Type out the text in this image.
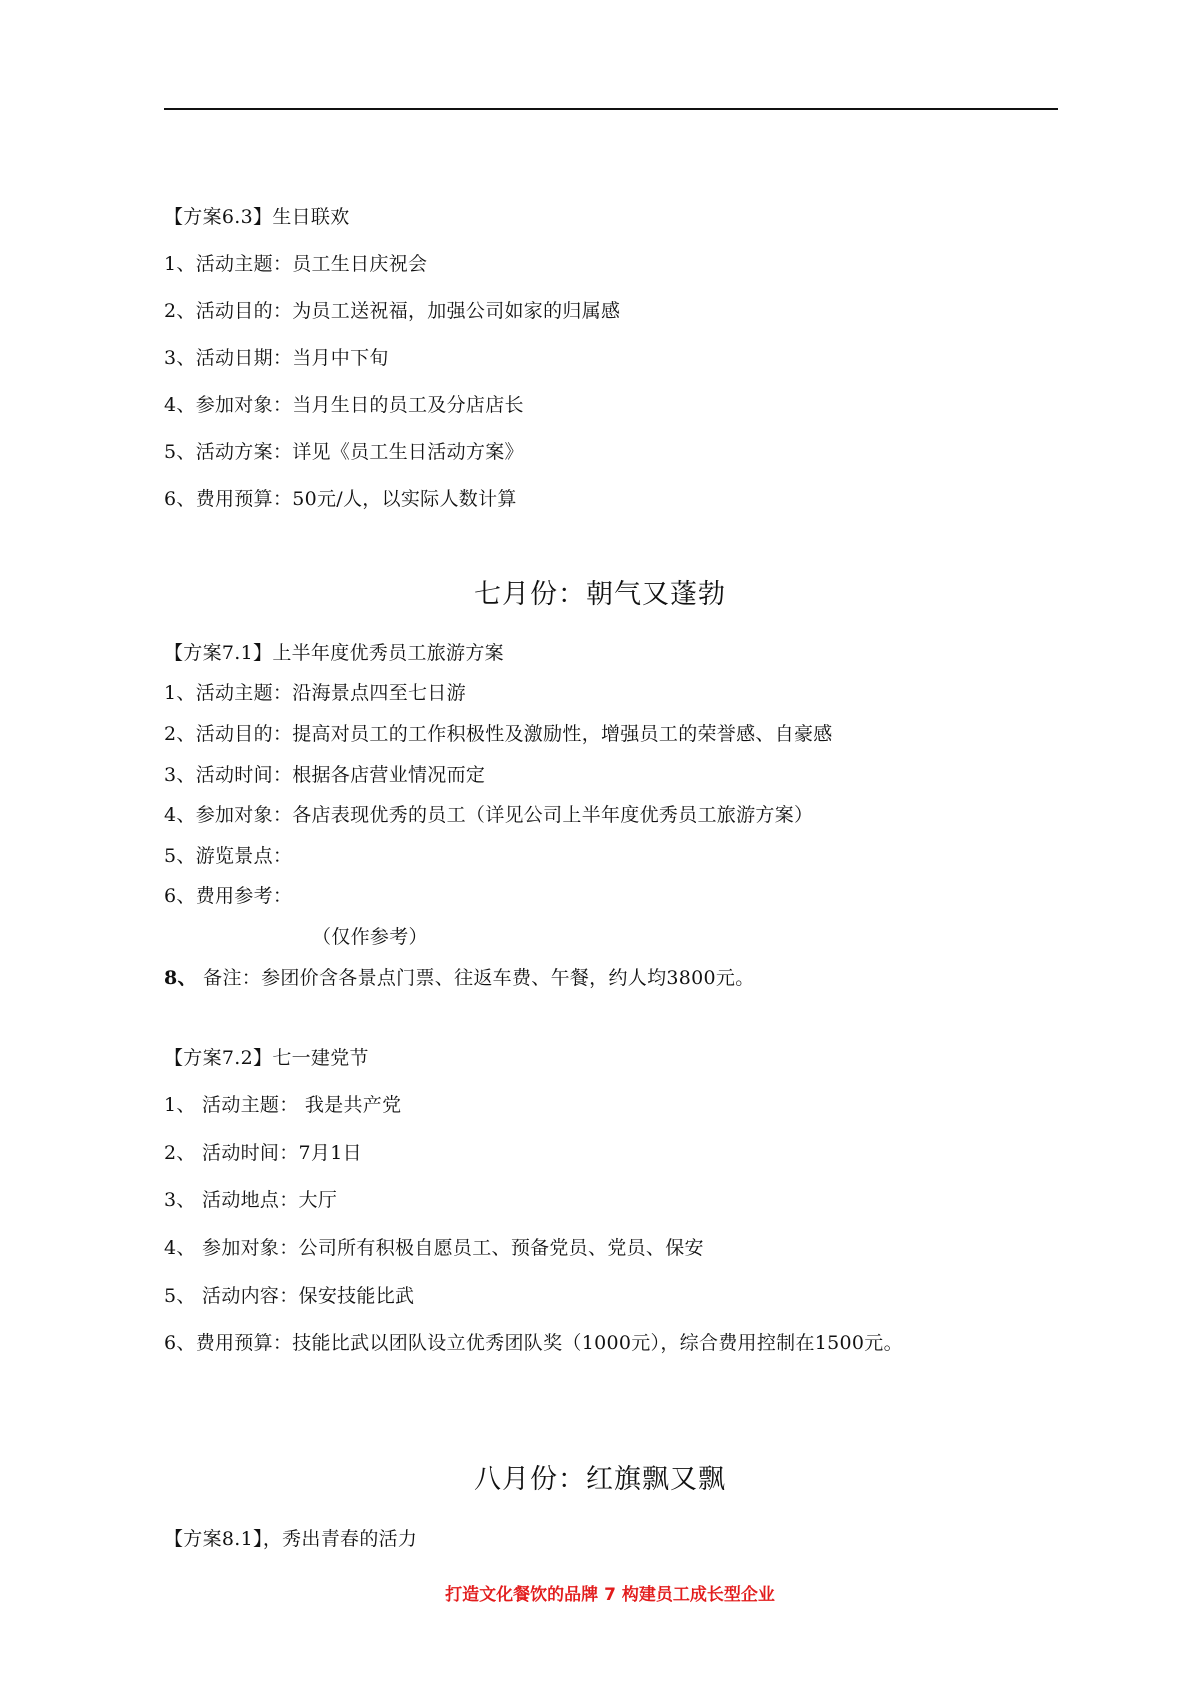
【方案6.3】生日联欢
1、活动主题：员工生日庆祝会
2、活动目的：为员工送祝福，加强公司如家的归属感
3、活动日期：当月中下旬
4、参加对象：当月生日的员工及分店店长
5、活动方案：详见《员工生日活动方案》
6、费用预算：50元/人，以实际人数计算
七月份：朝气又蓬勃
【方案7.1】上半年度优秀员工旅游方案
1、活动主题：沿海景点四至七日游
2、活动目的：提高对员工的工作积极性及激励性，增强员工的荣誉感、自豪感
3、活动时间：根据各店营业情况而定
4、参加对象：各店表现优秀的员工（详见公司上半年度优秀员工旅游方案）
5、游览景点：
6、费用参考：
（仅作参考）
8、 备注：参团价含各景点门票、往返车费、午餐，约人均3800元。
【方案7.2】七一建党节
1、 活动主题： 我是共产党
2、 活动时间：7月1日
3、 活动地点：大厅
4、 参加对象：公司所有积极自愿员工、预备党员、党员、保安
5、 活动内容：保安技能比武
6、费用预算：技能比武以团队设立优秀团队奖（1000元），综合费用控制在1500元。
八月份：红旗飘又飘
【方案8.1】，秀出青春的活力
打造文化餐饮的品牌 7 构建员工成长型企业
